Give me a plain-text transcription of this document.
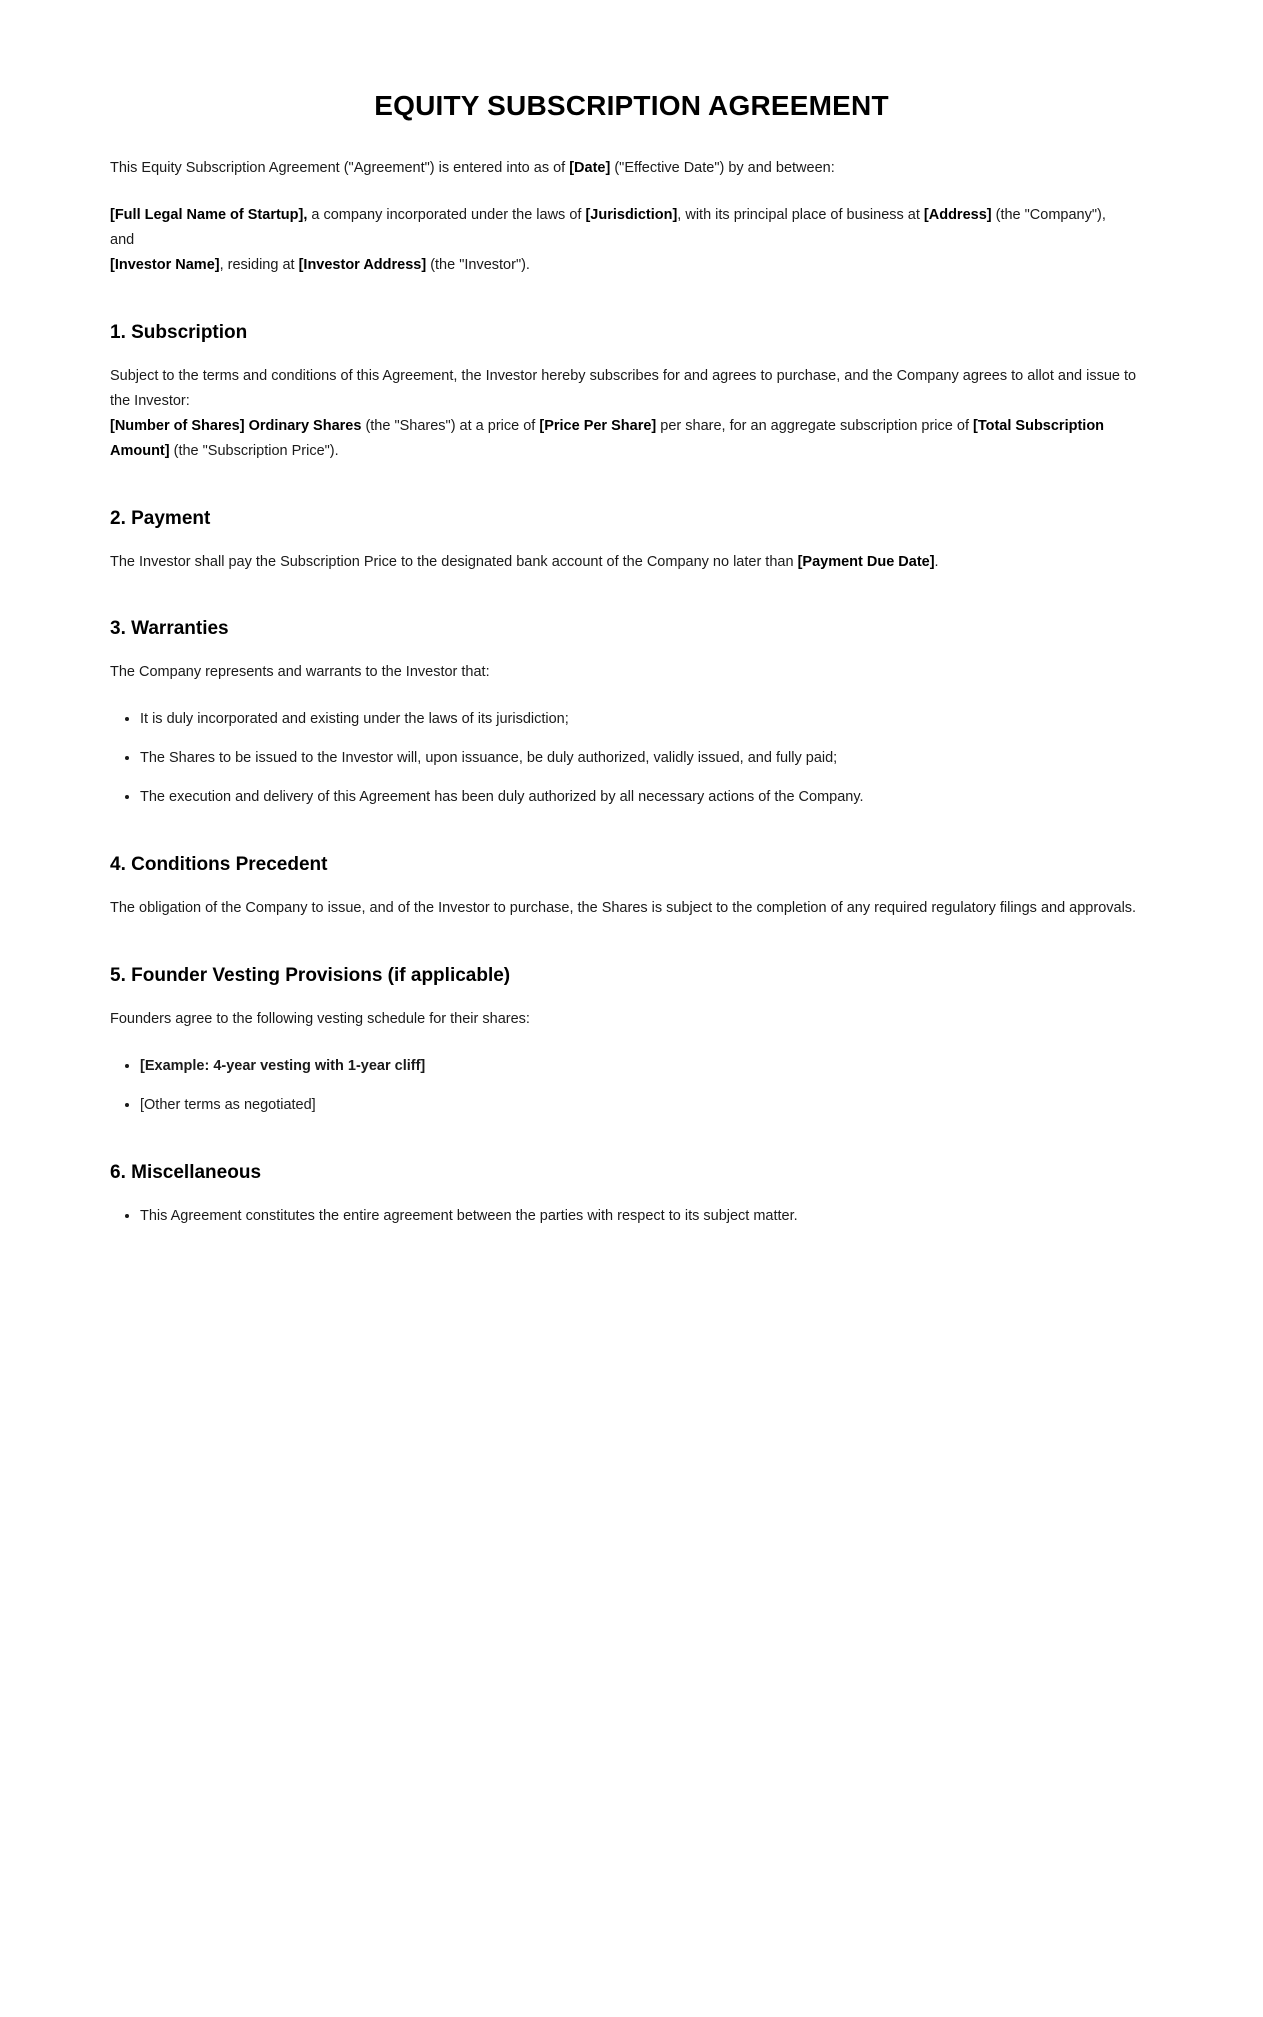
EQUITY SUBSCRIPTION AGREEMENT

This Equity Subscription Agreement ("Agreement") is entered into as of [Date] ("Effective Date") by and between:

[Full Legal Name of Startup], a company incorporated under the laws of [Jurisdiction], with its principal place of business at [Address] (the "Company"),
and
[Investor Name], residing at [Investor Address] (the "Investor").
1. Subscription

Subject to the terms and conditions of this Agreement, the Investor hereby subscribes for and agrees to purchase, and the Company agrees to allot and issue to the Investor:

[Number of Shares] Ordinary Shares (the "Shares") at a price of [Price Per Share] per share, for an aggregate subscription price of [Total Subscription Amount] (the "Subscription Price").

2. Payment

The Investor shall pay the Subscription Price to the designated bank account of the Company no later than [Payment Due Date].

3. Warranties

The Company represents and warrants to the Investor that:

• It is duly incorporated and existing under the laws of its jurisdiction;
• The Shares to be issued to the Investor will, upon issuance, be duly authorized, validly issued, and fully paid;
• The execution and delivery of this Agreement has been duly authorized by all necessary actions of the Company.
4. Conditions Precedent

The obligation of the Company to issue, and of the Investor to purchase, the Shares is subject to the completion of any required regulatory filings and approvals.

5. Founder Vesting Provisions (if applicable)

Founders agree to the following vesting schedule for their shares:

• [Example: 4-year vesting with 1-year cliff]
• [Other terms as negotiated]
6. Miscellaneous
• This Agreement constitutes the entire agreement between the parties with respect to its subject matter.
